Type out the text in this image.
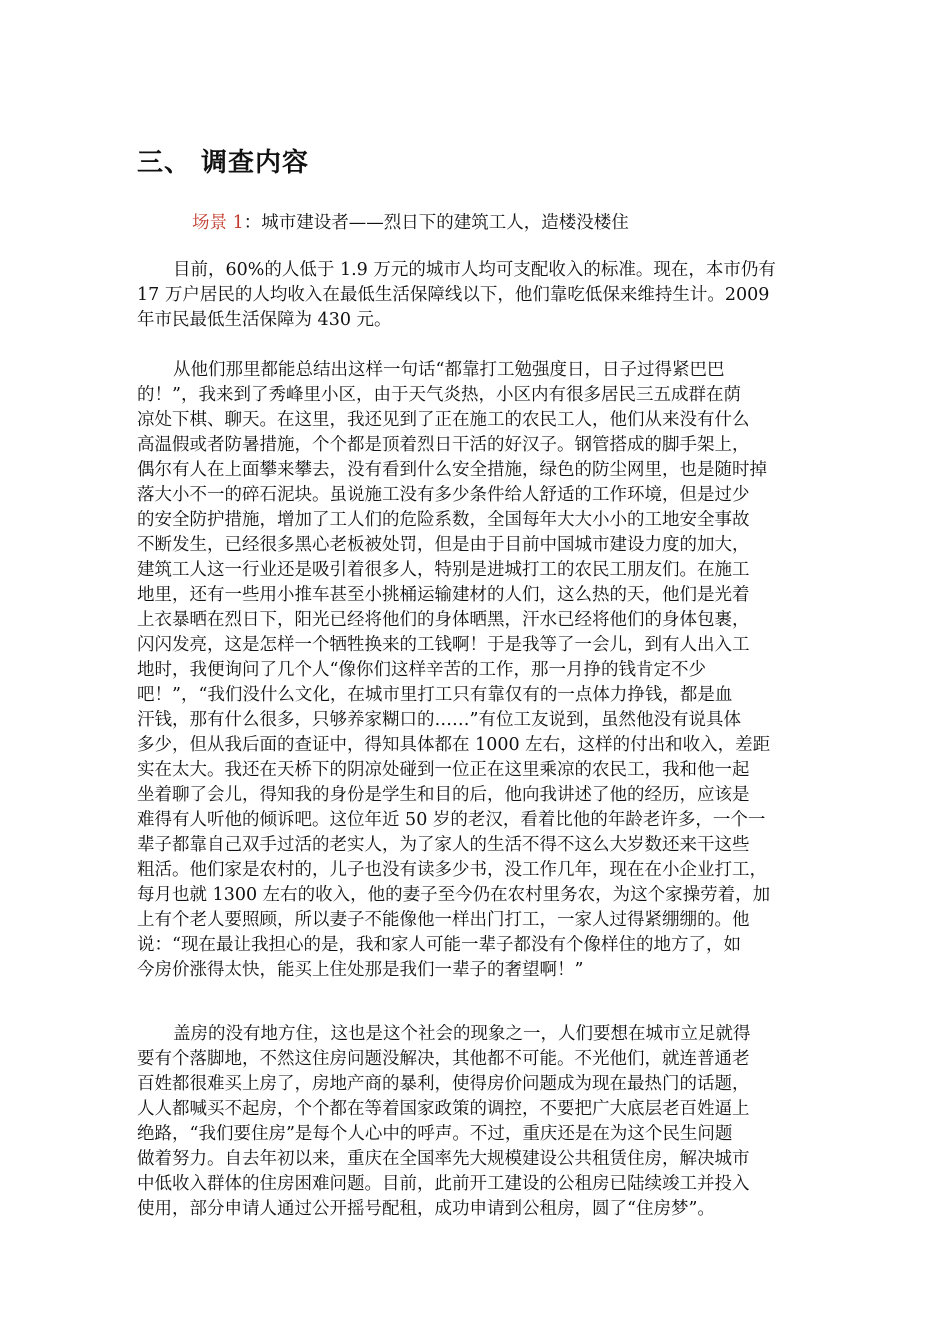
三、 调查内容
场景 1：城市建设者——烈日下的建筑工人，造楼没楼住
目前，60%的人低于 1.9 万元的城市人均可支配收入的标准。现在，本市仍有
17 万户居民的人均收入在最低生活保障线以下，他们靠吃低保来维持生计。2009
年市民最低生活保障为 430 元。
从他们那里都能总结出这样一句话“都靠打工勉强度日，日子过得紧巴巴
的！”，我来到了秀峰里小区，由于天气炎热，小区内有很多居民三五成群在荫
凉处下棋、聊天。在这里，我还见到了正在施工的农民工人，他们从来没有什么
高温假或者防暑措施，个个都是顶着烈日干活的好汉子。钢管搭成的脚手架上，
偶尔有人在上面攀来攀去，没有看到什么安全措施，绿色的防尘网里，也是随时掉
落大小不一的碎石泥块。虽说施工没有多少条件给人舒适的工作环境，但是过少
的安全防护措施，增加了工人们的危险系数，全国每年大大小小的工地安全事故
不断发生，已经很多黑心老板被处罚，但是由于目前中国城市建设力度的加大，
建筑工人这一行业还是吸引着很多人，特别是进城打工的农民工朋友们。在施工
地里，还有一些用小推车甚至小挑桶运输建材的人们，这么热的天，他们是光着
上衣暴晒在烈日下，阳光已经将他们的身体晒黑，汗水已经将他们的身体包裹，
闪闪发亮，这是怎样一个牺牲换来的工钱啊！于是我等了一会儿，到有人出入工
地时，我便询问了几个人“像你们这样辛苦的工作，那一月挣的钱肯定不少
吧！”，“我们没什么文化，在城市里打工只有靠仅有的一点体力挣钱，都是血
汗钱，那有什么很多，只够养家糊口的……”有位工友说到，虽然他没有说具体
多少，但从我后面的查证中，得知具体都在 1000 左右，这样的付出和收入，差距
实在太大。我还在天桥下的阴凉处碰到一位正在这里乘凉的农民工，我和他一起
坐着聊了会儿，得知我的身份是学生和目的后，他向我讲述了他的经历，应该是
难得有人听他的倾诉吧。这位年近 50 岁的老汉，看着比他的年龄老许多，一个一
辈子都靠自己双手过活的老实人，为了家人的生活不得不这么大岁数还来干这些
粗活。他们家是农村的，儿子也没有读多少书，没工作几年，现在在小企业打工，
每月也就 1300 左右的收入，他的妻子至今仍在农村里务农，为这个家操劳着，加
上有个老人要照顾，所以妻子不能像他一样出门打工，一家人过得紧绷绷的。他
说：“现在最让我担心的是，我和家人可能一辈子都没有个像样住的地方了，如
今房价涨得太快，能买上住处那是我们一辈子的奢望啊！”
盖房的没有地方住，这也是这个社会的现象之一，人们要想在城市立足就得
要有个落脚地，不然这住房问题没解决，其他都不可能。不光他们，就连普通老
百姓都很难买上房了，房地产商的暴利，使得房价问题成为现在最热门的话题，
人人都喊买不起房，个个都在等着国家政策的调控，不要把广大底层老百姓逼上
绝路，“我们要住房”是每个人心中的呼声。不过，重庆还是在为这个民生问题
做着努力。自去年初以来，重庆在全国率先大规模建设公共租赁住房，解决城市
中低收入群体的住房困难问题。目前，此前开工建设的公租房已陆续竣工并投入
使用，部分申请人通过公开摇号配租，成功申请到公租房，圆了“住房梦”。
